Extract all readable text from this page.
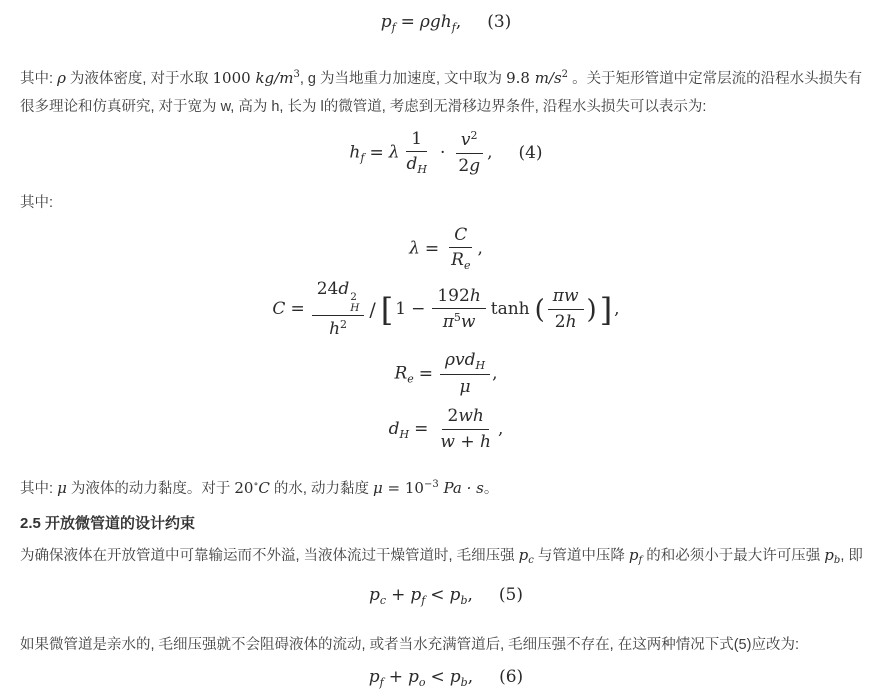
$p_f = \rho gh_f$, (3)

其中: ρ 为液体密度, 对于水取 1000 $kg/m^3$, g 为当地重力加速度, 文中取为 9.8 $m/s^2$ 。关于矩形管道中定常层流的沿程水头损失有很多理论和仿真研究, 对于宽为 w, 高为 h, 长为 l的微管道, 考虑到无滑移边界条件, 沿程水头损失可以表示为:

$h_f = \lambda \frac{1}{d_H} \cdot \frac{v^2}{2g}$ , (4)

其中:

$\lambda = \frac{C}{R_e}$ ,
C = 24d 2
H
$h^2$ / [ $1 - \frac{192h}{\pi^5w}$ tanh ( $\frac{\pi w}{2h}$ )] ,
$R_e = \frac{\rho vd_H}{\mu}$ ,
$d_H = \frac{2wh}{w + h}$ ,

其中: μ 为液体的动力黏度。对于 20∘C 的水, 动力黏度 $\mu = 10^{-3}$ Pa · s。

2.5 开放微管道的设计约束

为确保液体在开放管道中可靠输运而不外溢, 当液体流过干燥管道时, 毛细压强 $p_c$ 与管道中压降 $p_f$ 的和必须小于最大许可压强 $p_b$, 即

$p_c + p_f < p_b$, (5)

如果微管道是亲水的, 毛细压强就不会阻碍液体的流动, 或者当水充满管道后, 毛细压强不存在, 在这两种情况下式(5)应改为:

$p_f + p_o < p_b$, (6)
